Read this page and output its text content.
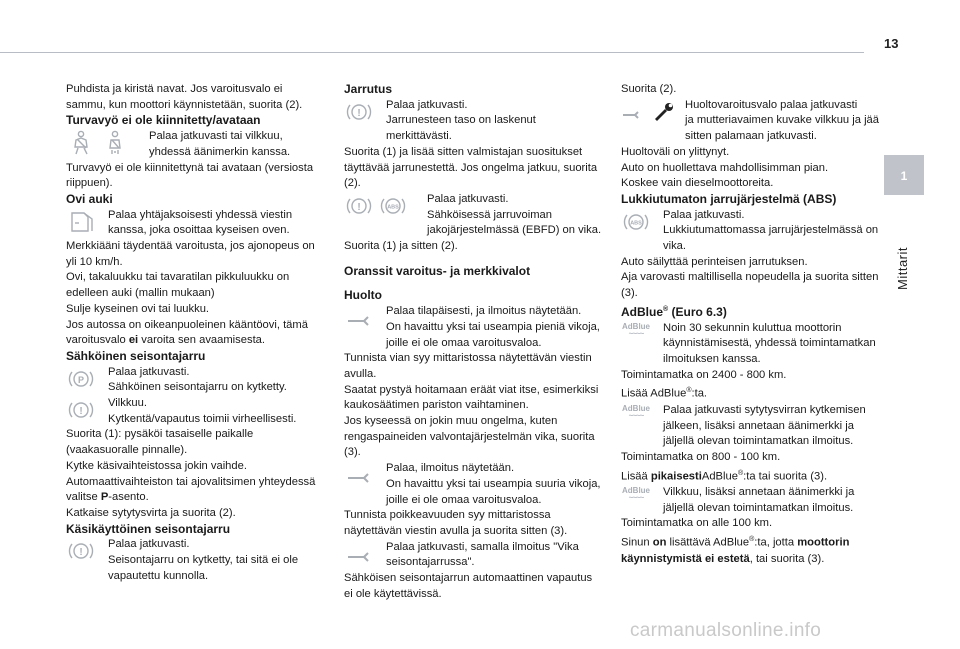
13
1
Mittarit

Puhdista ja kiristä navat. Jos varoitusvalo ei sammu, kun moottori käynnistetään, suorita (2).

Turvavyö ei ole kiinnitetty/avataan

Palaa jatkuvasti tai vilkkuu,

yhdessä äänimerkin kanssa.

Turvavyö ei ole kiinnitettynä tai avataan (versiosta riippuen).

Ovi auki

Palaa yhtäjaksoisesti yhdessä viestin

kanssa, joka osoittaa kyseisen oven.

Merkkiääni täydentää varoitusta, jos ajonopeus on yli 10 km/h.

Ovi, takaluukku tai tavaratilan pikkuluukku on edelleen auki (mallin mukaan)

Sulje kyseinen ovi tai luukku.

Jos autossa on oikeanpuoleinen kääntöovi, tämä varoitusvalo ei varoita sen avaamisesta.

Sähköinen seisontajarru

P

Palaa jatkuvasti.

Sähköinen seisontajarru on kytketty.

!

Vilkkuu.

Kytkentä/vapautus toimii virheellisesti.

Suorita (1): pysäköi tasaiselle paikalle (vaakasuoralle pinnalle).

Kytke käsivaihteistossa jokin vaihde.

Automaattivaihteiston tai ajovalitsimen yhteydessä valitse P-asento.

Katkaise sytytysvirta ja suorita (2).

Käsikäyttöinen seisontajarru

!

Palaa jatkuvasti.

Seisontajarru on kytketty, tai sitä ei ole vapautettu kunnolla.

Jarrutus

!

Palaa jatkuvasti.

Jarrunesteen taso on laskenut merkittävästi.

Suorita (1) ja lisää sitten valmistajan suositukset täyttävää jarrunestettä. Jos ongelma jatkuu, suorita (2).

!	ABS

Palaa jatkuvasti.

Sähköisessä jarruvoiman jakojärjestelmässä (EBFD) on vika.

Suorita (1) ja sitten (2).

Oranssit varoitus- ja merkkivalot

Huolto

Palaa tilapäisesti, ja ilmoitus näytetään.

On havaittu yksi tai useampia pieniä vikoja, joille ei ole omaa varoitusvaloa.

Tunnista vian syy mittaristossa näytettävän viestin avulla.

Saatat pystyä hoitamaan eräät viat itse, esimerkiksi kaukosäätimen pariston vaihtaminen.

Jos kyseessä on jokin muu ongelma, kuten rengaspaineiden valvontajärjestelmän vika, suorita (3).

Palaa, ilmoitus näytetään.

On havaittu yksi tai useampia suuria vikoja, joille ei ole omaa varoitusvaloa.

Tunnista poikkeavuuden syy mittaristossa näytettävän viestin avulla ja suorita sitten (3).

Palaa jatkuvasti, samalla ilmoitus "Vika seisontajarrussa".

Sähköisen seisontajarrun automaattinen vapautus ei ole käytettävissä.

Suorita (2).

Huoltovaroitusvalo palaa jatkuvasti

ja mutteriavaimen kuvake vilkkuu ja jää sitten palamaan jatkuvasti.

Huoltoväli on ylittynyt.

Auto on huollettava mahdollisimman pian.

Koskee vain dieselmoottoreita.

Lukkiutumaton jarrujärjestelmä (ABS)

ABS

Palaa jatkuvasti.

Lukkiutumattomassa jarrujärjestelmässä on vika.

Auto säilyttää perinteisen jarrutuksen.

Aja varovasti maltillisella nopeudella ja suorita sitten (3).

AdBlue® (Euro 6.3)

AdBlue
~~~~	Noin 30 sekunnin kuluttua moottorin

käynnistämisestä, yhdessä toimintamatkan ilmoituksen kanssa.

Toimintamatka on 2400 - 800 km.

Lisää AdBlue®:ta.

AdBlue
~~~~	Palaa jatkuvasti sytytysvirran kytkemisen

jälkeen, lisäksi annetaan äänimerkki ja jäljellä olevan toimintamatkan ilmoitus.

Toimintamatka on 800 - 100 km.

Lisää pikaisestiAdBlue®:ta tai suorita (3).

AdBlue
~~~~	Vilkkuu, lisäksi annetaan äänimerkki ja

jäljellä olevan toimintamatkan ilmoitus.

Toimintamatka on alle 100 km.

Sinun on lisättävä AdBlue®:ta, jotta moottorin käynnistymistä ei estetä, tai suorita (3).

carmanualsonline.info
